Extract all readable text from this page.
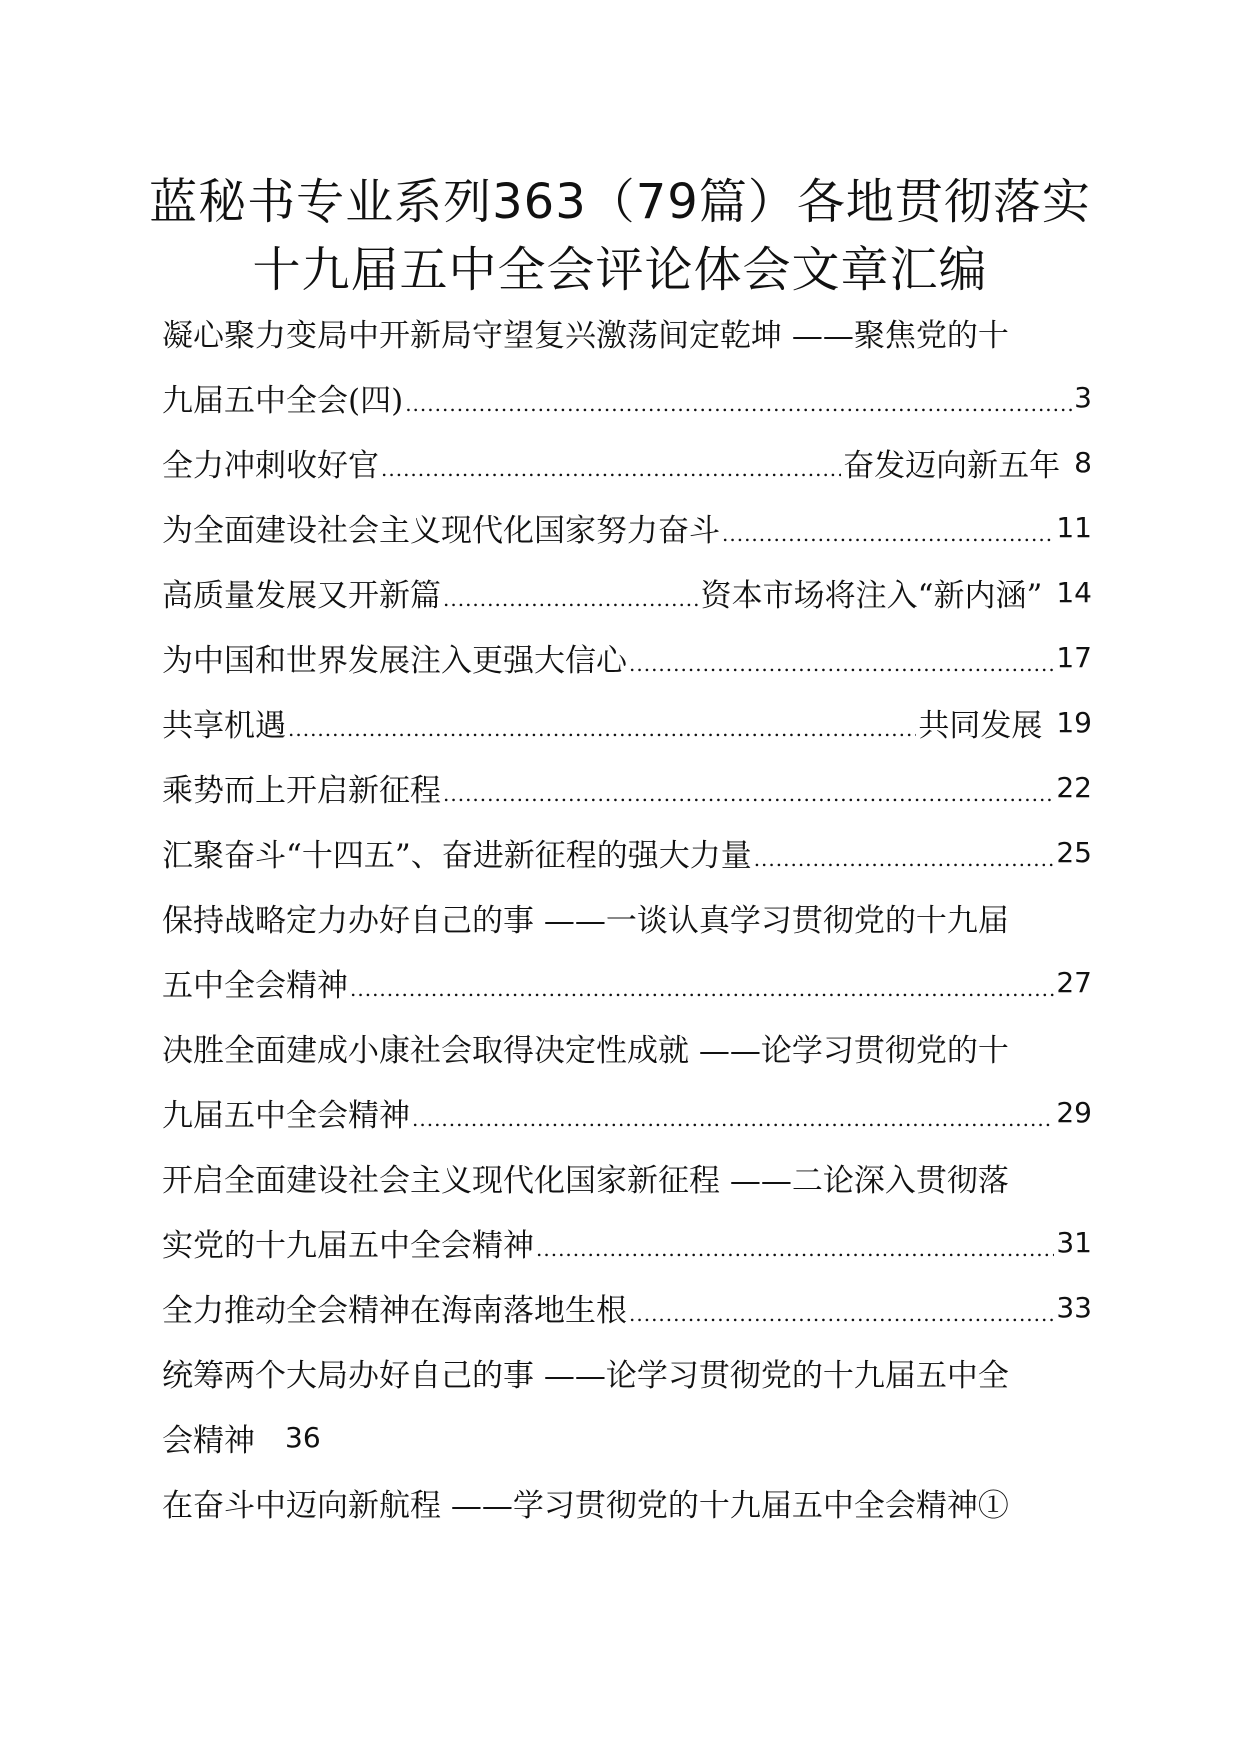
蓝秘书专业系列363（79篇）各地贯彻落实
十九届五中全会评论体会文章汇编
凝心聚力变局中开新局守望复兴激荡间定乾坤 ——聚焦党的十
九届五中全会(四) .....	3
全力冲刺收好官 .....	奋发迈向新五年 8
为全面建设社会主义现代化国家努力奋斗 .....	11
高质量发展又开新篇 .....	资本市场将注入“新内涵” 14
为中国和世界发展注入更强大信心 .....	17
共享机遇 .....	共同发展 19
乘势而上开启新征程 .....	22
汇聚奋斗“十四五”、奋进新征程的强大力量 .....	25
保持战略定力办好自己的事 ——一谈认真学习贯彻党的十九届
五中全会精神 .....	27
决胜全面建成小康社会取得决定性成就 ——论学习贯彻党的十
九届五中全会精神 .....	29
开启全面建设社会主义现代化国家新征程 ——二论深入贯彻落
实党的十九届五中全会精神 .....	31
全力推动全会精神在海南落地生根 .....	33
统筹两个大局办好自己的事 ——论学习贯彻党的十九届五中全
会精神 36
在奋斗中迈向新航程 ——学习贯彻党的十九届五中全会精神①
